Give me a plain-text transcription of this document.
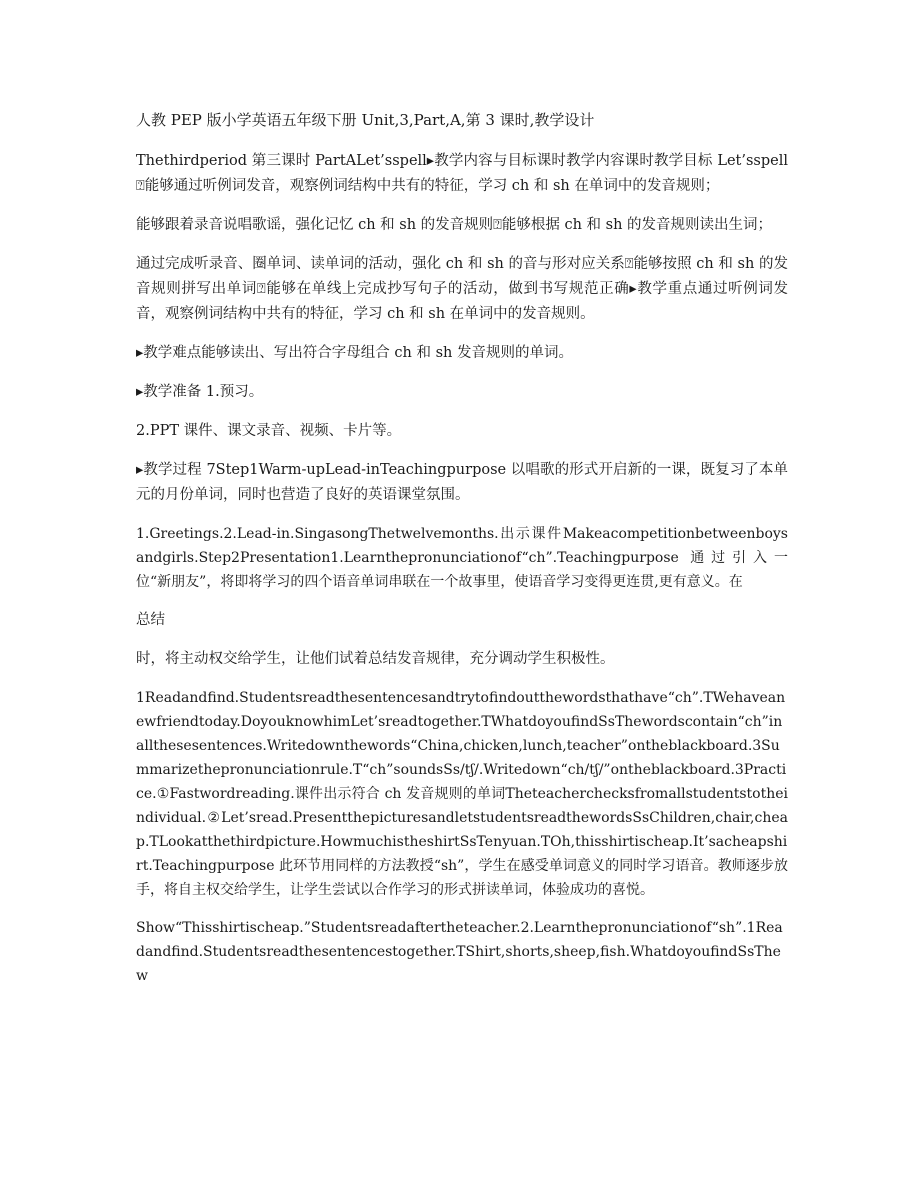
人教 PEP 版小学英语五年级下册 Unit,3,Part,A,第 3 课时,教学设计

Thethirdperiod 第三课时 PartALet’sspell▸教学内容与目标课时教学内容课时教学目标 Let’sspell⍰能够通过听例词发音，观察例词结构中共有的特征，学习 ch 和 sh 在单词中的发音规则；

能够跟着录音说唱歌谣，强化记忆 ch 和 sh 的发音规则⍰能够根据 ch 和 sh 的发音规则读出生词；

通过完成听录音、圈单词、读单词的活动，强化 ch 和 sh 的音与形对应关系⍰能够按照 ch 和 sh 的发音规则拼写出单词⍰能够在单线上完成抄写句子的活动，做到书写规范正确▸教学重点通过听例词发音，观察例词结构中共有的特征，学习 ch 和 sh 在单词中的发音规则。

▸教学难点能够读出、写出符合字母组合 ch 和 sh 发音规则的单词。

▸教学准备 1.预习。

2.PPT 课件、课文录音、视频、卡片等。

▸教学过程 7Step1Warm-upLead-inTeachingpurpose 以唱歌的形式开启新的一课，既复习了本单元的月份单词，同时也营造了良好的英语课堂氛围。

1.Greetings.2.Lead-in.SingasongThetwelvemonths.出示课件Makeacompetitionbetweenboysandgirls.Step2Presentation1.Learnthepronunciationof“ch”.Teachingpurpose 通过引入一位“新朋友”，将即将学习的四个语音单词串联在一个故事里，使语音学习变得更连贯,更有意义。在

总结

时，将主动权交给学生，让他们试着总结发音规律，充分调动学生积极性。

1Readandfind.Studentsreadthesentencesandtrytofindoutthewordsthathave“ch”.TWehaveanewfriendtoday.DoyouknowhimLet’sreadtogether.TWhatdoyoufindSsThewordscontain“ch”inallthesesentences.Writedownthewords“China,chicken,lunch,teacher”ontheblackboard.3Summarizethepronunciationrule.T“ch”soundsSs/tʃ/.Writedown“ch/tʃ/”ontheblackboard.3Practice.①Fastwordreading.课件出示符合 ch 发音规则的单词Theteacherchecksfromallstudentstotheindividual.②Let’sread.PresentthepicturesandletstudentsreadthewordsSsChildren,chair,cheap.TLookatthethirdpicture.HowmuchistheshirtSsTenyuan.TOh,thisshirtischeap.It’sacheapshirt.Teachingpurpose 此环节用同样的方法教授“sh”，学生在感受单词意义的同时学习语音。教师逐步放手，将自主权交给学生，让学生尝试以合作学习的形式拼读单词，体验成功的喜悦。

Show“Thisshirtischeap.”Studentsreadaftertheteacher.2.Learnthepronunciationof“sh”.1Readandfind.Studentsreadthesentencestogether.TShirt,shorts,sheep,fish.WhatdoyoufindSsThew
